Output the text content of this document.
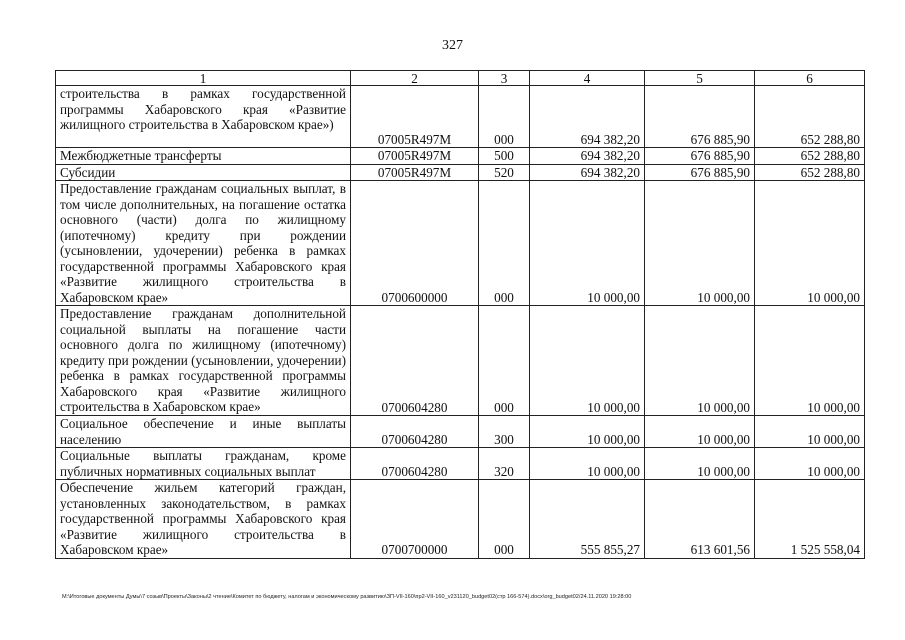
327
1	2	3	4	5	6
строительства в рамках государственной программы Хабаровского края «Развитие жилищного строительства в Хабаровском крае»)	07005R497M	000	694 382,20	676 885,90	652 288,80
Межбюджетные трансферты	07005R497M	500	694 382,20	676 885,90	652 288,80
Субсидии	07005R497M	520	694 382,20	676 885,90	652 288,80
Предоставление гражданам социальных выплат, в том числе дополнительных, на погашение остатка основного (части) долга по жилищному (ипотечному) кредиту при рождении (усыновлении, удочерении) ребенка в рамках государственной программы Хабаровского края «Развитие жилищного строительства в Хабаровском крае»	0700600000	000	10 000,00	10 000,00	10 000,00
Предоставление гражданам дополнительной социальной выплаты на погашение части основного долга по жилищному (ипотечному) кредиту при рождении (усыновлении, удочерении) ребенка в рамках государственной программы Хабаровского края «Развитие жилищного строительства в Хабаровском крае»	0700604280	000	10 000,00	10 000,00	10 000,00
Социальное обеспечение и иные выплаты населению	0700604280	300	10 000,00	10 000,00	10 000,00
Социальные выплаты гражданам, кроме публичных нормативных социальных выплат	0700604280	320	10 000,00	10 000,00	10 000,00
Обеспечение жильем категорий граждан, установленных законодательством, в рамках государственной программы Хабаровского края «Развитие жилищного строительства в Хабаровском крае»	0700700000	000	555 855,27	613 601,56	1 525 558,04
M:\Итоговые документы Думы\7 созыв\Проекты\Законы\2 чтение\Комитет по бюджету, налогам и экономическому развитию\ЗП-VII-160\пр2-VII-160_v231120_budget02(стр 166-574).docx\org_budget02/24.11.2020 19:28:00
